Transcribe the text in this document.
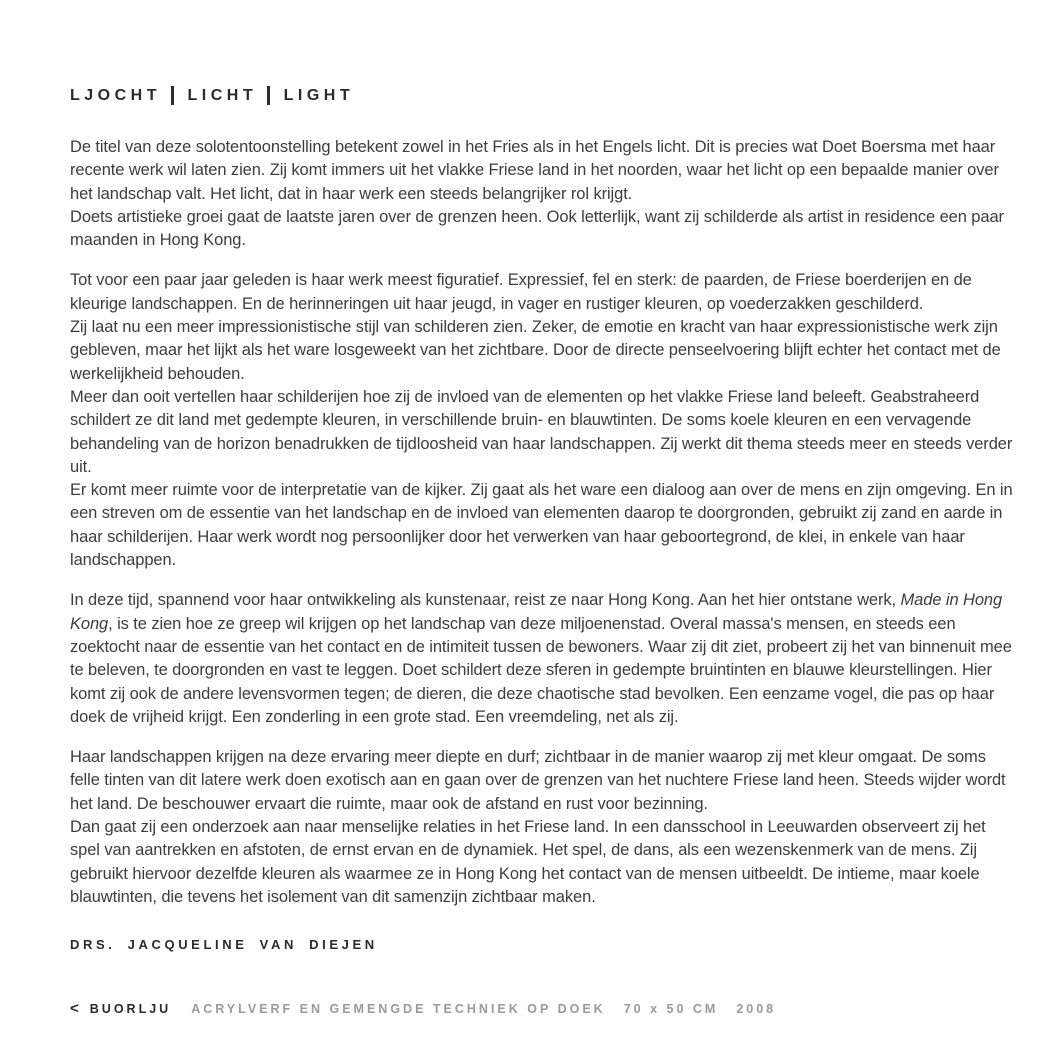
LJOCHT LICHT LIGHT

De titel van deze solotentoonstelling betekent zowel in het Fries als in het Engels licht. Dit is precies wat Doet Boersma met haar recente werk wil laten zien. Zij komt immers uit het vlakke Friese land in het noorden, waar het licht op een bepaalde manier over het landschap valt. Het licht, dat in haar werk een steeds belangrijker rol krijgt.

Doets artistieke groei gaat de laatste jaren over de grenzen heen. Ook letterlijk, want zij schilderde als artist in residence een paar maanden in Hong Kong.

Tot voor een paar jaar geleden is haar werk meest figuratief. Expressief, fel en sterk: de paarden, de Friese boerderijen en de kleurige landschappen. En de herinneringen uit haar jeugd, in vager en rustiger kleuren, op voederzakken geschilderd.

Zij laat nu een meer impressionistische stijl van schilderen zien. Zeker, de emotie en kracht van haar expressionistische werk zijn gebleven, maar het lijkt als het ware losgeweekt van het zichtbare. Door de directe penseelvoering blijft echter het contact met de werkelijkheid behouden.

Meer dan ooit vertellen haar schilderijen hoe zij de invloed van de elementen op het vlakke Friese land beleeft. Geabstraheerd schildert ze dit land met gedempte kleuren, in verschillende bruin- en blauwtinten. De soms koele kleuren en een vervagende behandeling van de horizon benadrukken de tijdloosheid van haar landschappen. Zij werkt dit thema steeds meer en steeds verder uit.

Er komt meer ruimte voor de interpretatie van de kijker. Zij gaat als het ware een dialoog aan over de mens en zijn omgeving. En in een streven om de essentie van het landschap en de invloed van elementen daarop te doorgronden, gebruikt zij zand en aarde in haar schilderijen. Haar werk wordt nog persoonlijker door het verwerken van haar geboortegrond, de klei, in enkele van haar landschappen.

In deze tijd, spannend voor haar ontwikkeling als kunstenaar, reist ze naar Hong Kong. Aan het hier ontstane werk, Made in Hong Kong, is te zien hoe ze greep wil krijgen op het landschap van deze miljoenenstad. Overal massa's mensen, en steeds een zoektocht naar de essentie van het contact en de intimiteit tussen de bewoners. Waar zij dit ziet, probeert zij het van binnenuit mee te beleven, te doorgronden en vast te leggen. Doet schildert deze sferen in gedempte bruintinten en blauwe kleurstellingen. Hier komt zij ook de andere levensvormen tegen; de dieren, die deze chaotische stad bevolken. Een eenzame vogel, die pas op haar doek de vrijheid krijgt. Een zonderling in een grote stad. Een vreemdeling, net als zij.

Haar landschappen krijgen na deze ervaring meer diepte en durf; zichtbaar in de manier waarop zij met kleur omgaat. De soms felle tinten van dit latere werk doen exotisch aan en gaan over de grenzen van het nuchtere Friese land heen. Steeds wijder wordt het land. De beschouwer ervaart die ruimte, maar ook de afstand en rust voor bezinning.

Dan gaat zij een onderzoek aan naar menselijke relaties in het Friese land. In een dansschool in Leeuwarden observeert zij het spel van aantrekken en afstoten, de ernst ervan en de dynamiek. Het spel, de dans, als een wezenskenmerk van de mens. Zij gebruikt hiervoor dezelfde kleuren als waarmee ze in Hong Kong het contact van de mensen uitbeeldt. De intieme, maar koele blauwtinten, die tevens het isolement van dit samenzijn zichtbaar maken.

DRS. JACQUELINE VAN DIEJEN

< BUORLJU ACRYLVERF EN GEMENGDE TECHNIEK OP DOEK 70 x 50 CM 2008
